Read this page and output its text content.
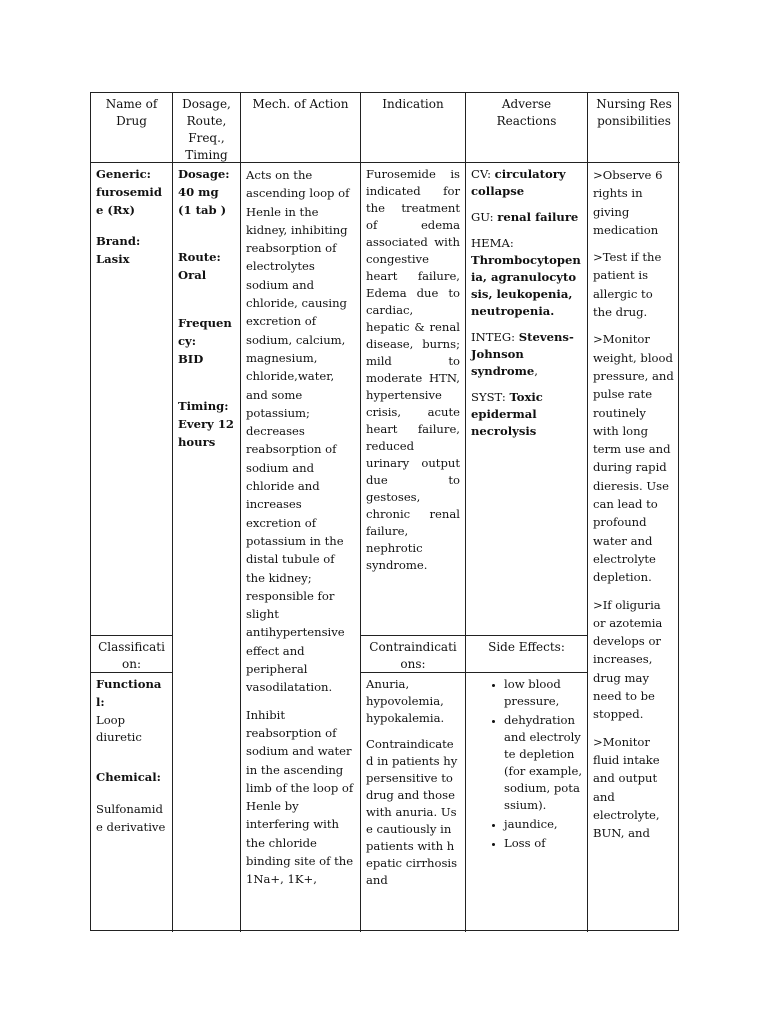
Name of Drug
Dosage, Route, Freq., Timing
Mech. of Action	Indication	Adverse Reactions
Nursing Responsibilities
Generic:
furosemide (Rx)
Brand:
Lasix
Classification:
Functional:
Loop diuretic
Chemical:
Sulfonamide derivative
Dosage:
40 mg (1 tab )
Route:
Oral
Frequency:
BID
Timing:
Every 12 hours
Acts on the ascending loop of Henle in the kidney, inhibiting reabsorption of electrolytes sodium and chloride, causing excretion of sodium, calcium, magnesium, chloride,water, and some potassium; decreases reabsorption of sodium and chloride and increases excretion of potassium in the distal tubule of the kidney; responsible for slight antihypertensive effect and peripheral vasodilatation.
Inhibit reabsorption of sodium and water in the ascending limb of the loop of Henle by interfering with the chloride binding site of the 1Na+, 1K+,
Furosemide is indicated for the treatment of edema associated with congestive heart failure, Edema due to cardiac, hepatic & renal disease, burns; mild to moderate HTN, hypertensive crisis, acute heart failure, reduced urinary output due to gestoses, chronic renal failure, nephrotic syndrome.
Contraindications:
Anuria, hypovolemia, hypokalemia.
Contraindicated in patients hypersensitive to drug and those with anuria. Use cautiously in patients with hepatic cirrhosis and
CV: circulatory collapse
GU: renal failure
HEMA:
Thrombocytopenia, agranulocytosis, leukopenia, neutropenia.
INTEG: Stevens-Johnson syndrome,
SYST: Toxic epidermal necrolysis
Side Effects:
• low blood pressure,
• dehydration and electrolyte depletion (for example, sodium, potassium).
• jaundice,
• Loss of
>Observe 6 rights in giving medication
>Test if the patient is allergic to the drug.
>Monitor weight, blood pressure, and pulse rate routinely with long term use and during rapid dieresis. Use can lead to profound water and electrolyte depletion.
>If oliguria or azotemia develops or increases, drug may need to be stopped.
>Monitor fluid intake and output and electrolyte, BUN, and
